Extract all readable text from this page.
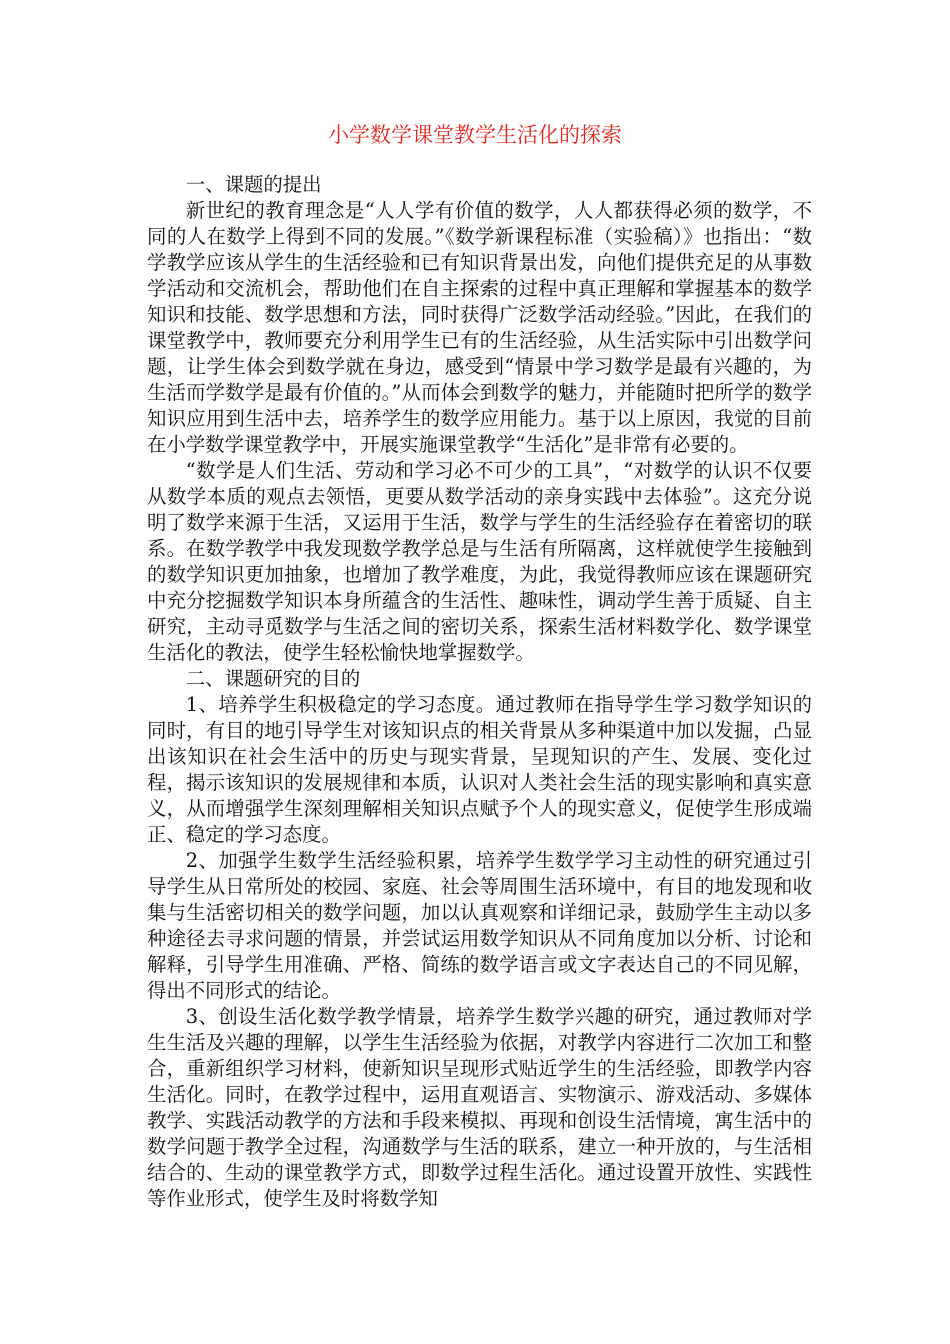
小学数学课堂教学生活化的探索

一、课题的提出

新世纪的教育理念是“人人学有价值的数学，人人都获得必须的数学，不同的人在数学上得到不同的发展。”《数学新课程标准（实验稿）》也指出：“数学教学应该从学生的生活经验和已有知识背景出发，向他们提供充足的从事数学活动和交流机会，帮助他们在自主探索的过程中真正理解和掌握基本的数学知识和技能、数学思想和方法，同时获得广泛数学活动经验。”因此，在我们的课堂教学中，教师要充分利用学生已有的生活经验，从生活实际中引出数学问题，让学生体会到数学就在身边，感受到“情景中学习数学是最有兴趣的，为生活而学数学是最有价值的。”从而体会到数学的魅力，并能随时把所学的数学知识应用到生活中去，培养学生的数学应用能力。基于以上原因，我觉的目前在小学数学课堂教学中，开展实施课堂教学“生活化”是非常有必要的。

“数学是人们生活、劳动和学习必不可少的工具”，“对数学的认识不仅要从数学本质的观点去领悟，更要从数学活动的亲身实践中去体验”。这充分说明了数学来源于生活，又运用于生活，数学与学生的生活经验存在着密切的联系。在数学教学中我发现数学教学总是与生活有所隔离，这样就使学生接触到的数学知识更加抽象，也增加了教学难度，为此，我觉得教师应该在课题研究中充分挖掘数学知识本身所蕴含的生活性、趣味性，调动学生善于质疑、自主研究，主动寻觅数学与生活之间的密切关系，探索生活材料数学化、数学课堂生活化的教法，使学生轻松愉快地掌握数学。

二、课题研究的目的

1、培养学生积极稳定的学习态度。通过教师在指导学生学习数学知识的同时，有目的地引导学生对该知识点的相关背景从多种渠道中加以发掘，凸显出该知识在社会生活中的历史与现实背景，呈现知识的产生、发展、变化过程，揭示该知识的发展规律和本质，认识对人类社会生活的现实影响和真实意义，从而增强学生深刻理解相关知识点赋予个人的现实意义，促使学生形成端正、稳定的学习态度。

2、加强学生数学生活经验积累，培养学生数学学习主动性的研究通过引导学生从日常所处的校园、家庭、社会等周围生活环境中，有目的地发现和收集与生活密切相关的数学问题，加以认真观察和详细记录，鼓励学生主动以多种途径去寻求问题的情景，并尝试运用数学知识从不同角度加以分析、讨论和解释，引导学生用准确、严格、简练的数学语言或文字表达自己的不同见解，得出不同形式的结论。

3、创设生活化数学教学情景，培养学生数学兴趣的研究，通过教师对学生生活及兴趣的理解，以学生生活经验为依据，对教学内容进行二次加工和整合，重新组织学习材料，使新知识呈现形式贴近学生的生活经验，即教学内容生活化。同时，在教学过程中，运用直观语言、实物演示、游戏活动、多媒体教学、实践活动教学的方法和手段来模拟、再现和创设生活情境，寓生活中的数学问题于教学全过程，沟通数学与生活的联系，建立一种开放的，与生活相结合的、生动的课堂教学方式，即数学过程生活化。通过设置开放性、实践性等作业形式，使学生及时将数学知
